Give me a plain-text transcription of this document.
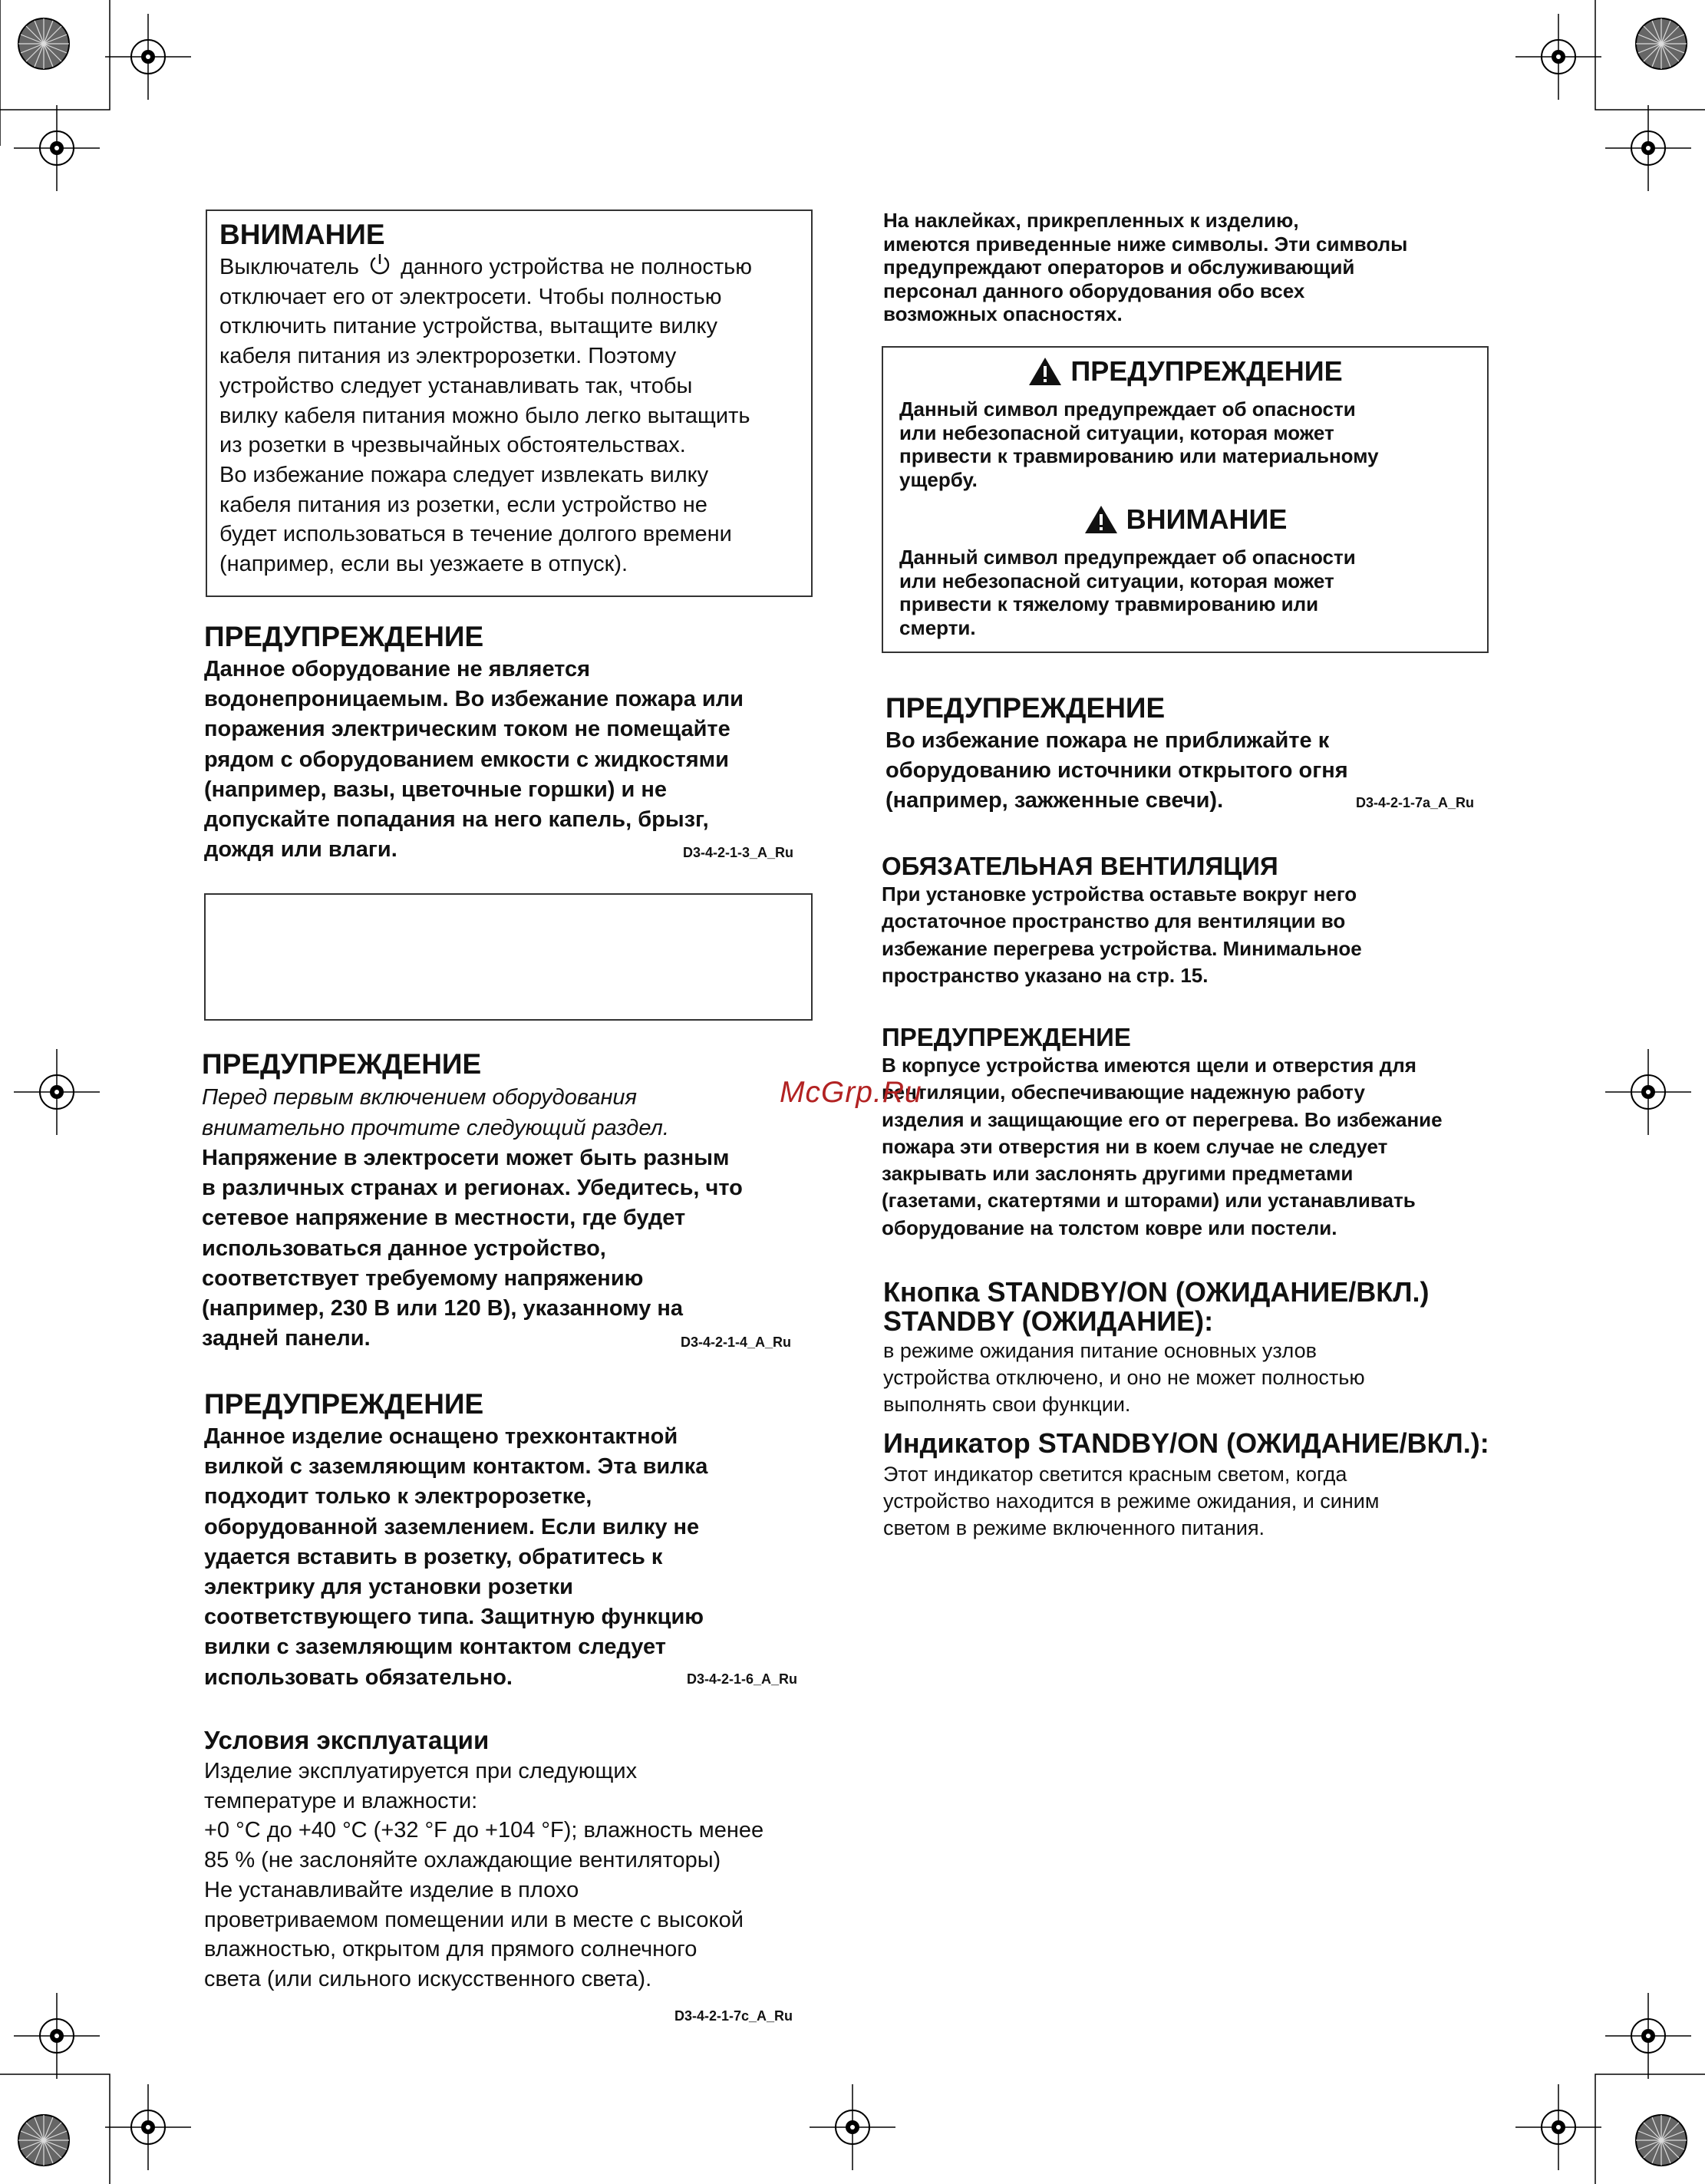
ВНИМАНИЕ
Выключатель данного устройства не полностью
отключает его от электросети. Чтобы полностью
отключить питание устройства, вытащите вилку
кабеля питания из электророзетки. Поэтому
устройство следует устанавливать так, чтобы
вилку кабеля питания можно было легко вытащить
из розетки в чрезвычайных обстоятельствах.
Во избежание пожара следует извлекать вилку
кабеля питания из розетки, если устройство не
будет использоваться в течение долгого времени
(например, если вы уезжаете в отпуск).
ПРЕДУПРЕЖДЕНИЕ
Данное оборудование не является
водонепроницаемым. Во избежание пожара или
поражения электрическим током не помещайте
рядом с оборудованием емкости с жидкостями
(например, вазы, цветочные горшки) и не
допускайте попадания на него капель, брызг,
дождя или влаги.	D3-4-2-1-3_A_Ru
ПРЕДУПРЕЖДЕНИЕ
Перед первым включением оборудования
внимательно прочтите следующий раздел.
Напряжение в электросети может быть разным
в различных странах и регионах. Убедитесь, что
сетевое напряжение в местности, где будет
использоваться данное устройство,
соответствует требуемому напряжению
(например, 230 В или 120 В), указанному на
задней панели.	D3-4-2-1-4_A_Ru
ПРЕДУПРЕЖДЕНИЕ
Данное изделие оснащено трехконтактной
вилкой с заземляющим контактом. Эта вилка
подходит только к электророзетке,
оборудованной заземлением. Если вилку не
удается вставить в розетку, обратитесь к
электрику для установки розетки
соответствующего типа. Защитную функцию
вилки с заземляющим контактом следует
использовать обязательно.	D3-4-2-1-6_A_Ru
Условия эксплуатации
Изделие эксплуатируется при следующих
температуре и влажности:
+0 °C до +40 °C (+32 °F до +104 °F); влажность менее
85 % (не заслоняйте охлаждающие вентиляторы)
Не устанавливайте изделие в плохо
проветриваемом помещении или в месте с высокой
влажностью, открытом для прямого солнечного
света (или сильного искусственного света).
D3-4-2-1-7c_A_Ru
На наклейках, прикрепленных к изделию,
имеются приведенные ниже символы. Эти символы
предупреждают операторов и обслуживающий
персонал данного оборудования обо всех
возможных опасностях.
ПРЕДУПРЕЖДЕНИЕ
Данный символ предупреждает об опасности
или небезопасной ситуации, которая может
привести к травмированию или материальному
ущербу.
ВНИМАНИЕ
Данный символ предупреждает об опасности
или небезопасной ситуации, которая может
привести к тяжелому травмированию или
смерти.
ПРЕДУПРЕЖДЕНИЕ
Во избежание пожара не приближайте к
оборудованию источники открытого огня
(например, зажженные свечи).	D3-4-2-1-7a_A_Ru
ОБЯЗАТЕЛЬНАЯ ВЕНТИЛЯЦИЯ
При установке устройства оставьте вокруг него
достаточное пространство для вентиляции во
избежание перегрева устройства. Минимальное
пространство указано на стр. 15.
ПРЕДУПРЕЖДЕНИЕ
В корпусе устройства имеются щели и отверстия для
вентиляции, обеспечивающие надежную работу
изделия и защищающие его от перегрева. Во избежание
пожара эти отверстия ни в коем случае не следует
закрывать или заслонять другими предметами
(газетами, скатертями и шторами) или устанавливать
оборудование на толстом ковре или постели.
Кнопка STANDBY/ON (ОЖИДАНИЕ/ВКЛ.)
STANDBY (ОЖИДАНИЕ):
в режиме ожидания питание основных узлов
устройства отключено, и оно не может полностью
выполнять свои функции.
Индикатор STANDBY/ON (ОЖИДАНИЕ/ВКЛ.):
Этот индикатор светится красным светом, когда
устройство находится в режиме ожидания, и синим
светом в режиме включенного питания.
McGrp.Ru
